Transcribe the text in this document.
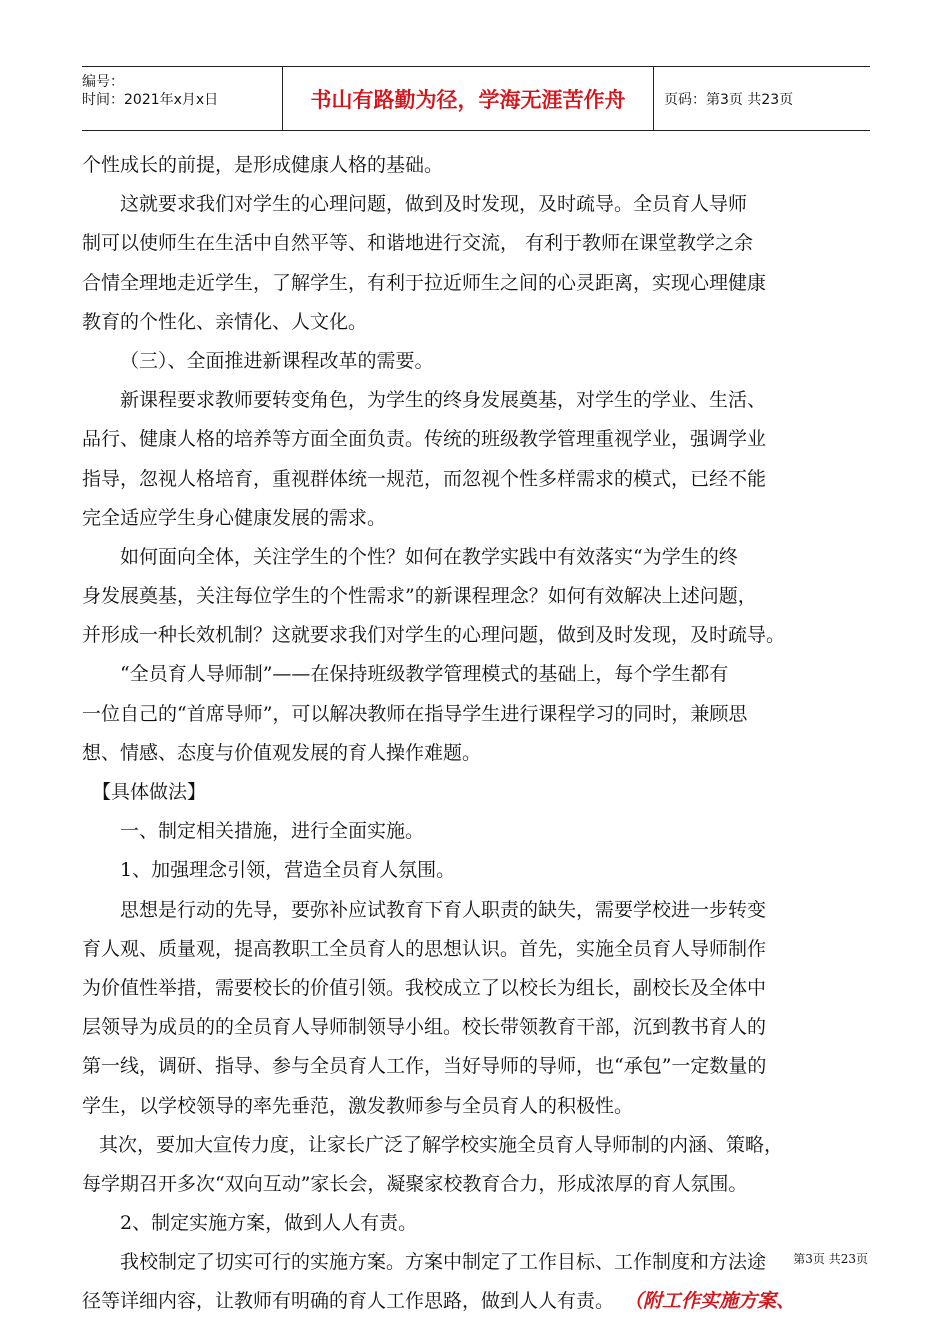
编号：
时间：2021年x月x日	书山有路勤为径，学海无涯苦作舟	页码：第3页 共23页
个性成长的前提，是形成健康人格的基础。
这就要求我们对学生的心理问题，做到及时发现，及时疏导。全员育人导师
制可以使师生在生活中自然平等、和谐地进行交流， 有利于教师在课堂教学之余
合情全理地走近学生，了解学生，有利于拉近师生之间的心灵距离，实现心理健康
教育的个性化、亲情化、人文化。
（三）、全面推进新课程改革的需要。
新课程要求教师要转变角色，为学生的终身发展奠基，对学生的学业、生活、
品行、健康人格的培养等方面全面负责。传统的班级教学管理重视学业，强调学业
指导，忽视人格培育，重视群体统一规范，而忽视个性多样需求的模式，已经不能
完全适应学生身心健康发展的需求。
如何面向全体，关注学生的个性？如何在教学实践中有效落实“为学生的终
身发展奠基，关注每位学生的个性需求”的新课程理念？如何有效解决上述问题，
并形成一种长效机制？这就要求我们对学生的心理问题，做到及时发现，及时疏导。
“全员育人导师制”——在保持班级教学管理模式的基础上，每个学生都有
一位自己的“首席导师”，可以解决教师在指导学生进行课程学习的同时，兼顾思
想、情感、态度与价值观发展的育人操作难题。
【具体做法】
一、制定相关措施，进行全面实施。
1、加强理念引领，营造全员育人氛围。
思想是行动的先导，要弥补应试教育下育人职责的缺失，需要学校进一步转变
育人观、质量观，提高教职工全员育人的思想认识。首先，实施全员育人导师制作
为价值性举措，需要校长的价值引领。我校成立了以校长为组长，副校长及全体中
层领导为成员的的全员育人导师制领导小组。校长带领教育干部，沉到教书育人的
第一线，调研、指导、参与全员育人工作，当好导师的导师，也“承包”一定数量的
学生，以学校领导的率先垂范，激发教师参与全员育人的积极性。
其次，要加大宣传力度，让家长广泛了解学校实施全员育人导师制的内涵、策略，
每学期召开多次“双向互动”家长会，凝聚家校教育合力，形成浓厚的育人氛围。
2、制定实施方案，做到人人有责。
我校制定了切实可行的实施方案。方案中制定了工作目标、工作制度和方法途
径等详细内容，让教师有明确的育人工作思路，做到人人有责。 （附工作实施方案、
第3页 共23页
